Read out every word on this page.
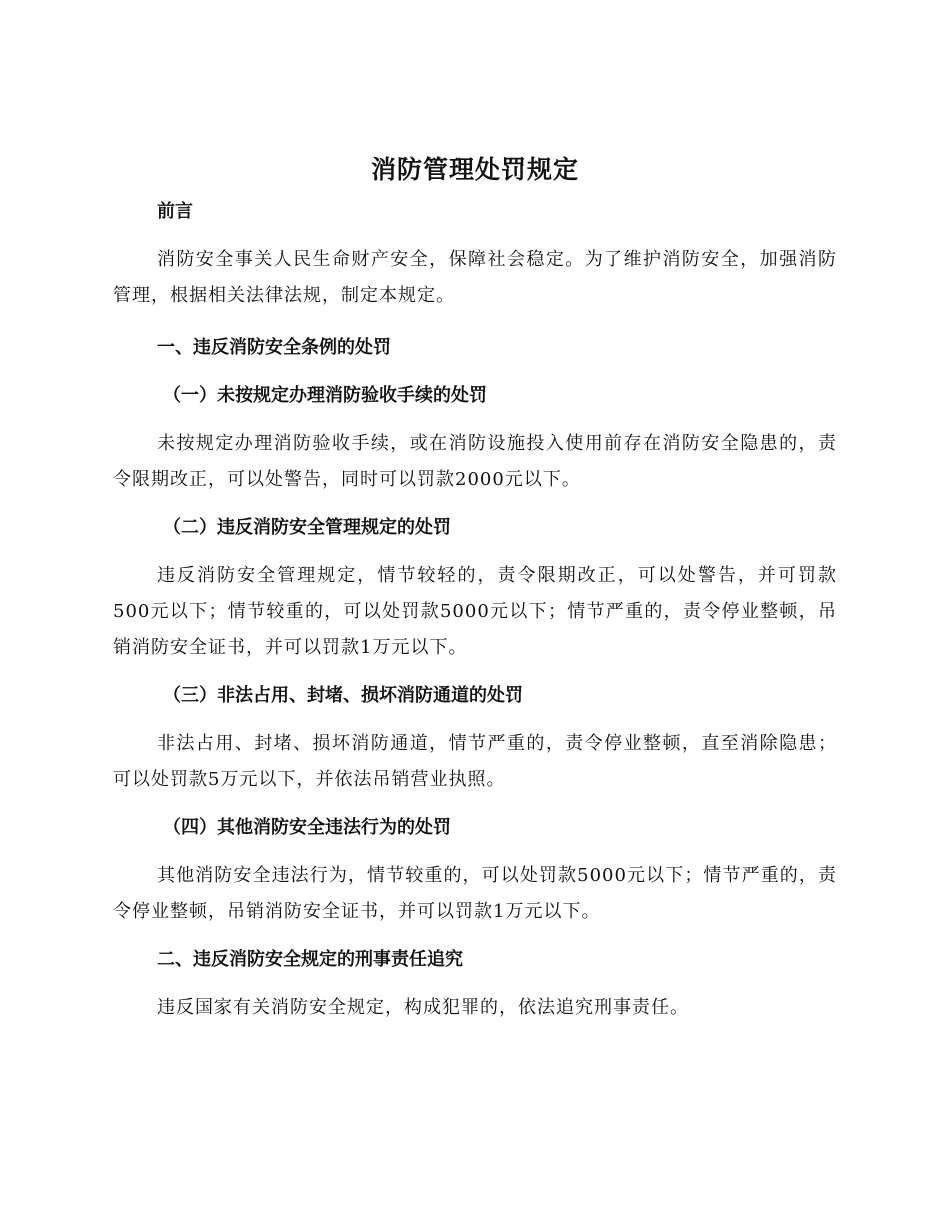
消防管理处罚规定
前言

消防安全事关人民生命财产安全，保障社会稳定。为了维护消防安全，加强消防管理，根据相关法律法规，制定本规定。

一、违反消防安全条例的处罚
（一）未按规定办理消防验收手续的处罚

未按规定办理消防验收手续，或在消防设施投入使用前存在消防安全隐患的，责令限期改正，可以处警告，同时可以罚款2000元以下。

（二）违反消防安全管理规定的处罚

违反消防安全管理规定，情节较轻的，责令限期改正，可以处警告，并可罚款500元以下；情节较重的，可以处罚款5000元以下；情节严重的，责令停业整顿，吊销消防安全证书，并可以罚款1万元以下。

（三）非法占用、封堵、损坏消防通道的处罚

非法占用、封堵、损坏消防通道，情节严重的，责令停业整顿，直至消除隐患；可以处罚款5万元以下，并依法吊销营业执照。

（四）其他消防安全违法行为的处罚

其他消防安全违法行为，情节较重的，可以处罚款5000元以下；情节严重的，责令停业整顿，吊销消防安全证书，并可以罚款1万元以下。

二、违反消防安全规定的刑事责任追究

违反国家有关消防安全规定，构成犯罪的，依法追究刑事责任。
